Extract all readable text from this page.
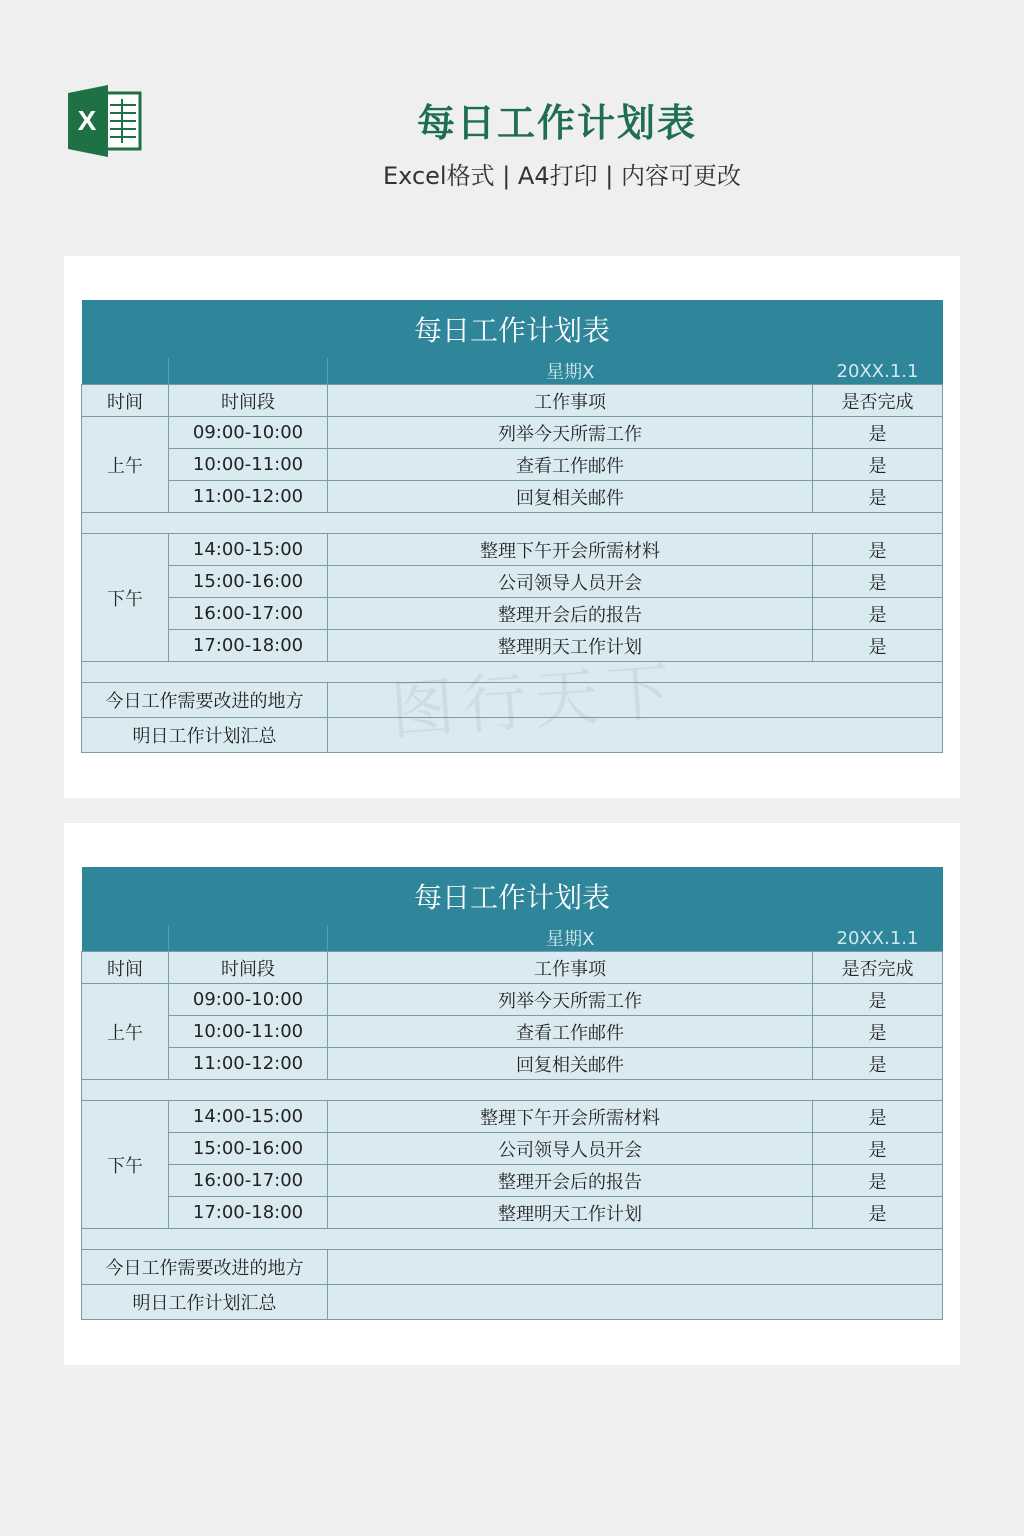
X	每日工作计划表
Excel格式 | A4打印 | 内容可更改
每日工作计划表			
		星期X	20XX.1.1
时间	时间段	工作事项	是否完成
上午	09:00-10:00	列举今天所需工作	是
	10:00-11:00	查看工作邮件	是
	11:00-12:00	回复相关邮件	是

下午	14:00-15:00	整理下午开会所需材料	是
	15:00-16:00	公司领导人员开会	是
	16:00-17:00	整理开会后的报告	是
	17:00-18:00	整理明天工作计划	是

今日工作需要改进的地方			
明日工作计划汇总			
每日工作计划表			
		星期X	20XX.1.1
时间	时间段	工作事项	是否完成
上午	09:00-10:00	列举今天所需工作	是
	10:00-11:00	查看工作邮件	是
	11:00-12:00	回复相关邮件	是

下午	14:00-15:00	整理下午开会所需材料	是
	15:00-16:00	公司领导人员开会	是
	16:00-17:00	整理开会后的报告	是
	17:00-18:00	整理明天工作计划	是

今日工作需要改进的地方			
明日工作计划汇总			
